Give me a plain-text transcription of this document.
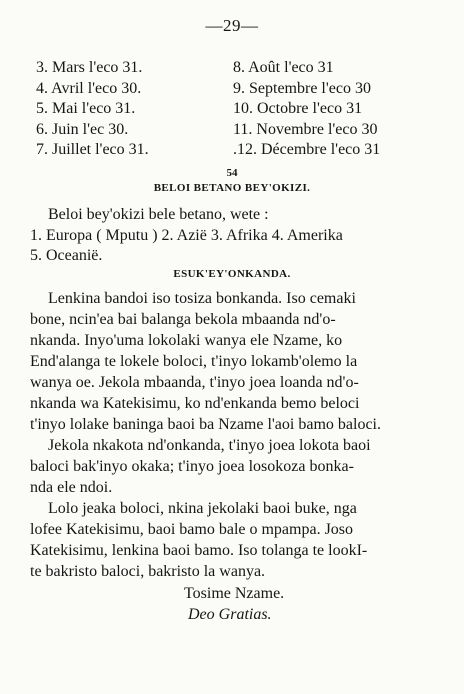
—29—
3. Mars l'eco 31.
4. Avril l'eco 30.
5. Mai l'eco 31.
6. Juin l'ec 30.
7. Juillet l'eco 31.
8. Août l'eco 31
9. Septembre l'eco 30
10. Octobre l'eco 31
11. Novembre l'eco 30
.12. Décembre l'eco 31
54
BELOI BETANO BEY'OKIZI.
Beloi bey'okizi bele betano, wete :
1. Europa ( Mputu ) 2. Azië 3. Afrika 4. Amerika
5. Oceanië.
ESUK'EY'ONKANDA.
Lenkina bandoi iso tosiza bonkanda. Iso cemaki
bone, ncin'ea bai balanga bekola mbaanda nd'o-
nkanda. Inyo'uma lokolaki wanya ele Nzame, ko
End'alanga te lokele boloci, t'inyo lokamb'olemo la
wanya oe. Jekola mbaanda, t'inyo joea loanda nd'o-
nkanda wa Katekisimu, ko nd'enkanda bemo beloci
t'inyo lolake baninga baoi ba Nzame l'aoi bamo baloci.
Jekola nkakota nd'onkanda, t'inyo joea lokota baoi
baloci bak'inyo okaka; t'inyo joea losokoza bonka-
nda ele ndoi.
Lolo jeaka boloci, nkina jekolaki baoi buke, nga
lofee Katekisimu, baoi bamo bale o mpampa. Joso
Katekisimu, lenkina baoi bamo. Iso tolanga te lookI-
te bakristo baloci, bakristo la wanya.
Tosime Nzame.
Deo Gratias.
